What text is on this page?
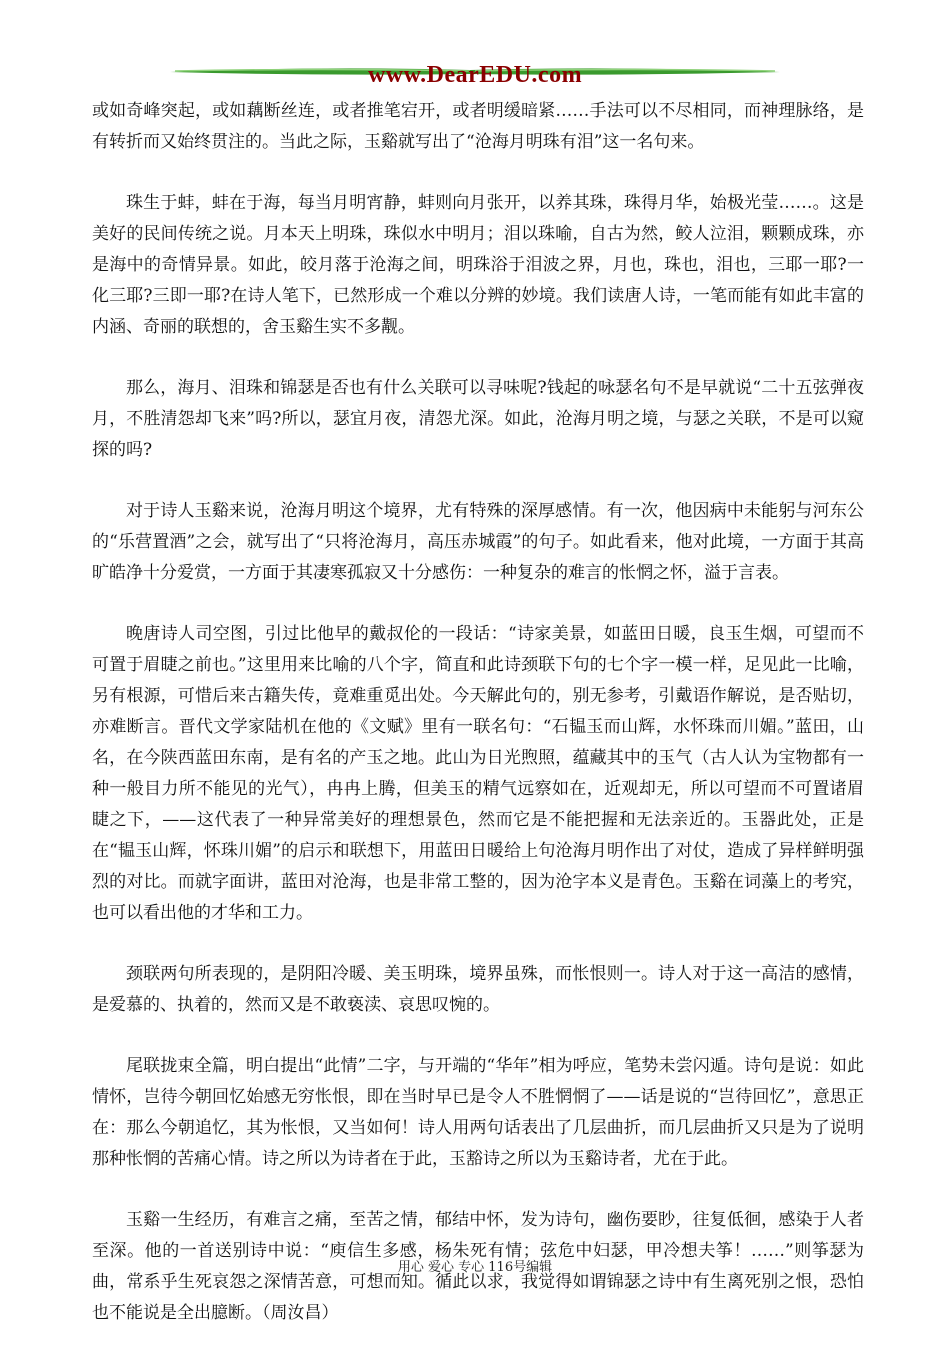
www.DearEDU.com

或如奇峰突起，或如藕断丝连，或者推笔宕开，或者明缓暗紧……手法可以不尽相同，而神理脉络，是有转折而又始终贯注的。当此之际，玉谿就写出了“沧海月明珠有泪”这一名句来。

珠生于蚌，蚌在于海，每当月明宵静，蚌则向月张开，以养其珠，珠得月华，始极光莹……。这是美好的民间传统之说。月本天上明珠，珠似水中明月；泪以珠喻，自古为然，鲛人泣泪，颗颗成珠，亦是海中的奇情异景。如此，皎月落于沧海之间，明珠浴于泪波之界，月也，珠也，泪也，三耶一耶?一化三耶?三即一耶?在诗人笔下，已然形成一个难以分辨的妙境。我们读唐人诗，一笔而能有如此丰富的内涵、奇丽的联想的，舍玉谿生实不多觏。

那么，海月、泪珠和锦瑟是否也有什么关联可以寻味呢?钱起的咏瑟名句不是早就说“二十五弦弹夜月，不胜清怨却飞来”吗?所以，瑟宜月夜，清怨尤深。如此，沧海月明之境，与瑟之关联，不是可以窥探的吗?

对于诗人玉谿来说，沧海月明这个境界，尤有特殊的深厚感情。有一次，他因病中未能躬与河东公的“乐营置酒”之会，就写出了“只将沧海月，高压赤城霞”的句子。如此看来，他对此境，一方面于其高旷皓净十分爱赏，一方面于其凄寒孤寂又十分感伤：一种复杂的难言的怅惘之怀，溢于言表。

晚唐诗人司空图，引过比他早的戴叔伦的一段话：“诗家美景，如蓝田日暖，良玉生烟，可望而不可置于眉睫之前也。”这里用来比喻的八个字，简直和此诗颈联下句的七个字一模一样，足见此一比喻，另有根源，可惜后来古籍失传，竟难重觅出处。今天解此句的，别无参考，引戴语作解说，是否贴切，亦难断言。晋代文学家陆机在他的《文赋》里有一联名句：“石韫玉而山辉，水怀珠而川媚。”蓝田，山名，在今陕西蓝田东南，是有名的产玉之地。此山为日光煦照，蕴藏其中的玉气（古人认为宝物都有一种一般目力所不能见的光气），冉冉上腾，但美玉的精气远察如在，近观却无，所以可望而不可置诸眉睫之下，——这代表了一种异常美好的理想景色，然而它是不能把握和无法亲近的。玉器此处，正是在“韫玉山辉，怀珠川媚”的启示和联想下，用蓝田日暖给上句沧海月明作出了对仗，造成了异样鲜明强烈的对比。而就字面讲，蓝田对沧海，也是非常工整的，因为沧字本义是青色。玉谿在词藻上的考究，也可以看出他的才华和工力。

颈联两句所表现的，是阴阳冷暖、美玉明珠，境界虽殊，而怅恨则一。诗人对于这一高洁的感情，是爱慕的、执着的，然而又是不敢亵渎、哀思叹惋的。

尾联拢束全篇，明白提出“此情”二字，与开端的“华年”相为呼应，笔势未尝闪遁。诗句是说：如此情怀，岂待今朝回忆始感无穷怅恨，即在当时早已是令人不胜惘惘了——话是说的“岂待回忆”，意思正在：那么今朝追忆，其为怅恨，又当如何！诗人用两句话表出了几层曲折，而几层曲折又只是为了说明那种怅惘的苦痛心情。诗之所以为诗者在于此，玉豁诗之所以为玉谿诗者，尤在于此。

玉谿一生经历，有难言之痛，至苦之情，郁结中怀，发为诗句，幽伤要眇，往复低徊，感染于人者至深。他的一首送别诗中说：“庾信生多感，杨朱死有情；弦危中妇瑟，甲冷想夫筝！……”则筝瑟为曲，常系乎生死哀怨之深情苦意，可想而知。循此以求，我觉得如谓锦瑟之诗中有生离死别之恨，恐怕也不能说是全出臆断。（周汝昌）

用心 爱心 专心 116号编辑
